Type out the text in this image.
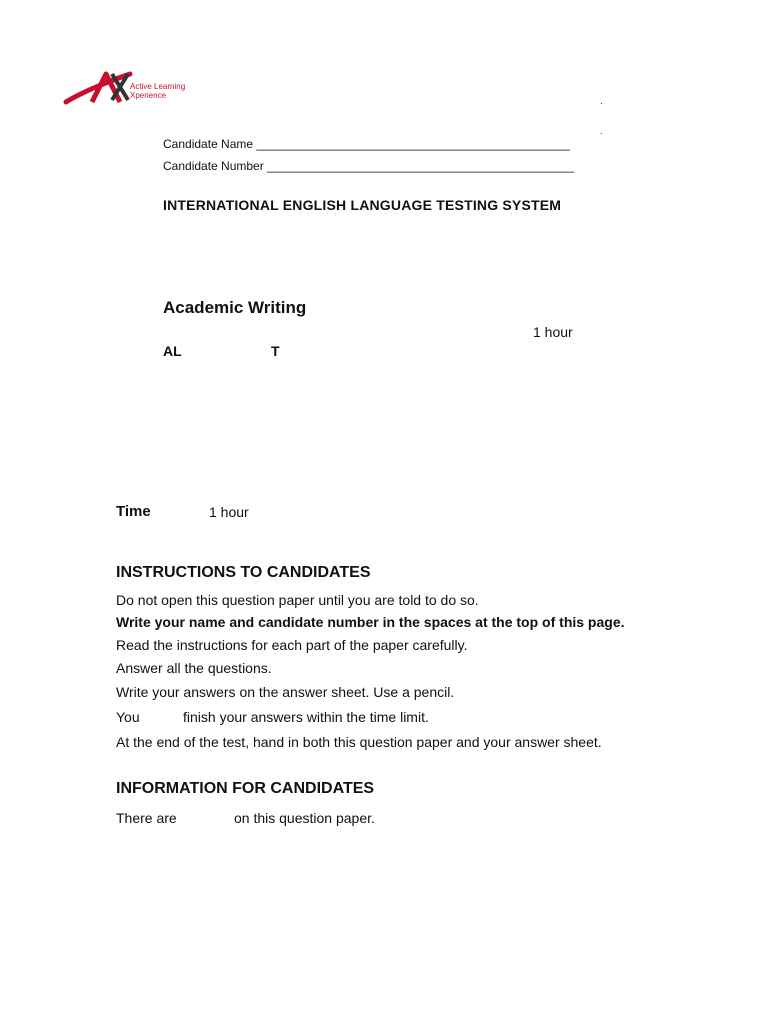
Active Learning
Xperience
.
.
Candidate Name _______________________________________________
Candidate Number ______________________________________________
INTERNATIONAL ENGLISH LANGUAGE TESTING SYSTEM
Academic Writing
1 hour
AL	T
Time	1 hour
INSTRUCTIONS TO CANDIDATES
Do not open this question paper until you are told to do so.
Write your name and candidate number in the spaces at the top of this page.
Read the instructions for each part of the paper carefully.
Answer all the questions.
Write your answers on the answer sheet. Use a pencil.
You	finish your answers within the time limit.
At the end of the test, hand in both this question paper and your answer sheet.
INFORMATION FOR CANDIDATES
There are	on this question paper.
